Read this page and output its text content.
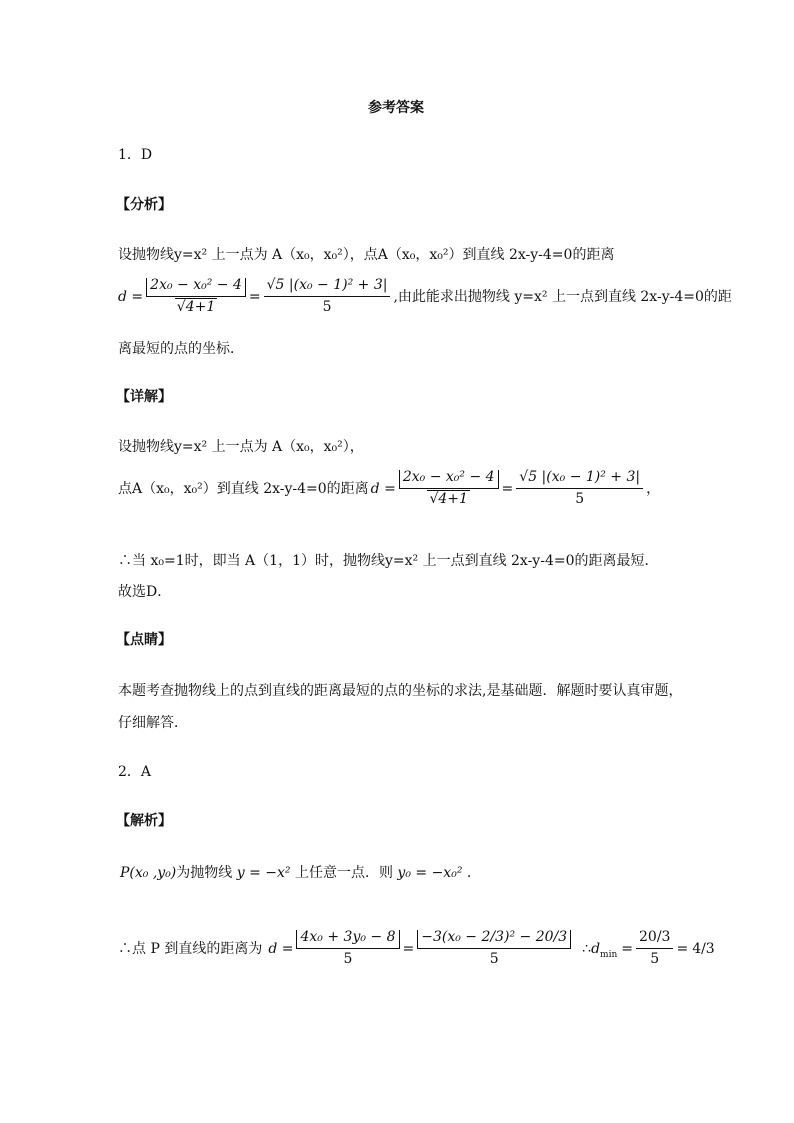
参考答案
1．D
【分析】
设抛物线y=x² 上一点为 A（x₀，x₀²），点A（x₀，x₀²）到直线 2x-y-4=0的距离
$d = \frac{\text{2x₀ − x₀² − 4}}{√4+1} = \frac{\text{√5 |(x₀ − 1)² + 3|}}{5}$ ,由此能求出抛物线 y=x² 上一点到直线 2x-y-4=0的距
离最短的点的坐标．
【详解】
设抛物线y=x² 上一点为 A（x₀，x₀²），
点A（x₀，x₀²）到直线 2x-y-4=0的距离 $d = \frac{\text{2x₀ − x₀² − 4}}{√4+1} = \frac{\text{√5 |(x₀ − 1)² + 3|}}{5}$ ，
∴当 x₀=1时，即当 A（1，1）时，抛物线y=x² 上一点到直线 2x-y-4=0的距离最短．
故选D．
【点睛】
本题考查抛物线上的点到直线的距离最短的点的坐标的求法,是基础题．解题时要认真审题，
仔细解答．
2．A
【解析】
P(x₀ ,y₀)为抛物线 y = −x² 上任意一点．则 y₀ = −x₀² .
∴点 P 到直线的距离为 $d = \frac{\text{4x₀ + 3y₀ − 8}}{5} = \frac{\text{−3(x₀ − 2/3)² − 20/3}}{5}$ ∴ $d_{min} = \frac{20/3}{5} = 4/3$
